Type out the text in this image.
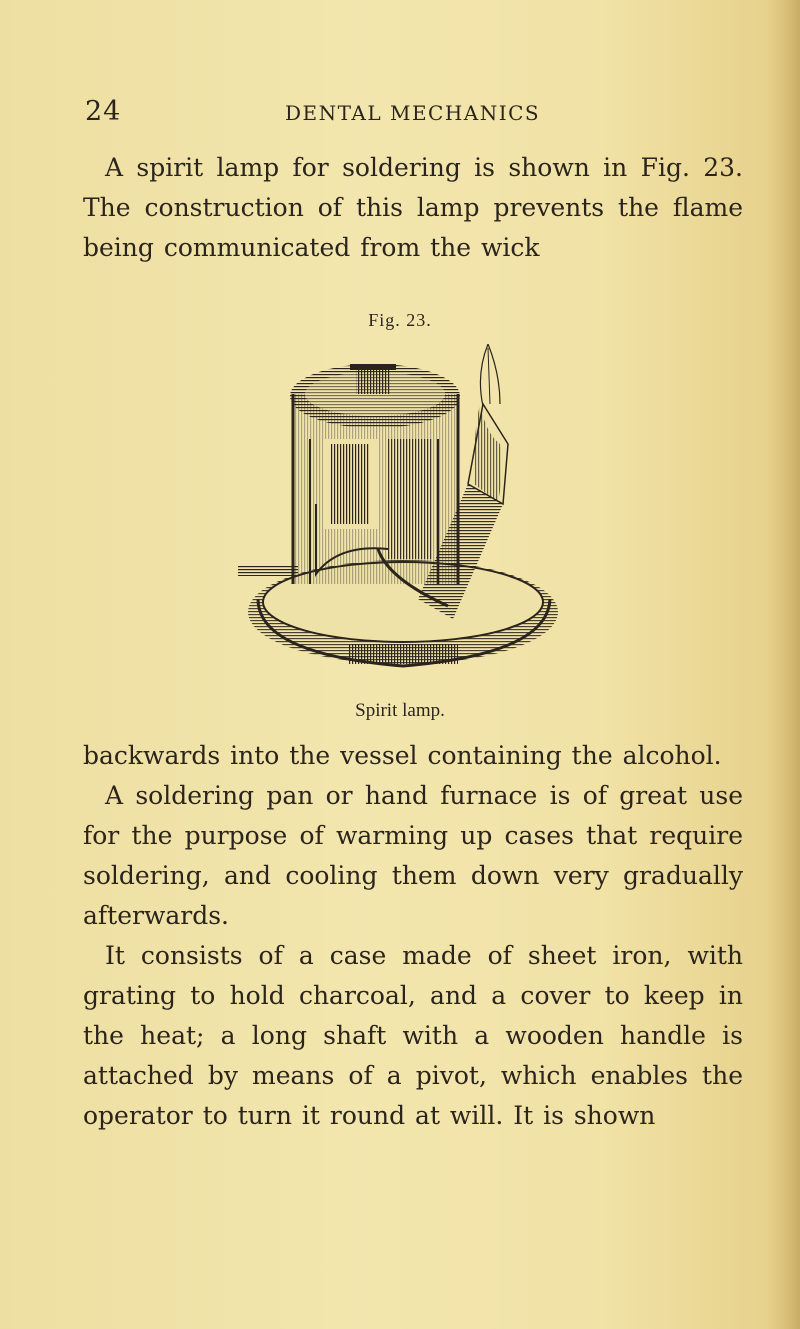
24	DENTAL MECHANICS
A spirit lamp for soldering is shown in Fig. 23. The construction of this lamp prevents the flame being communicated from the wick
Fig. 23.
Spirit lamp.
backwards into the vessel containing the alcohol.
A soldering pan or hand furnace is of great use for the purpose of warming up cases that require soldering, and cooling them down very gradually afterwards.
It consists of a case made of sheet iron, with grating to hold charcoal, and a cover to keep in the heat; a long shaft with a wooden handle is attached by means of a pivot, which enables the operator to turn it round at will. It is shown
